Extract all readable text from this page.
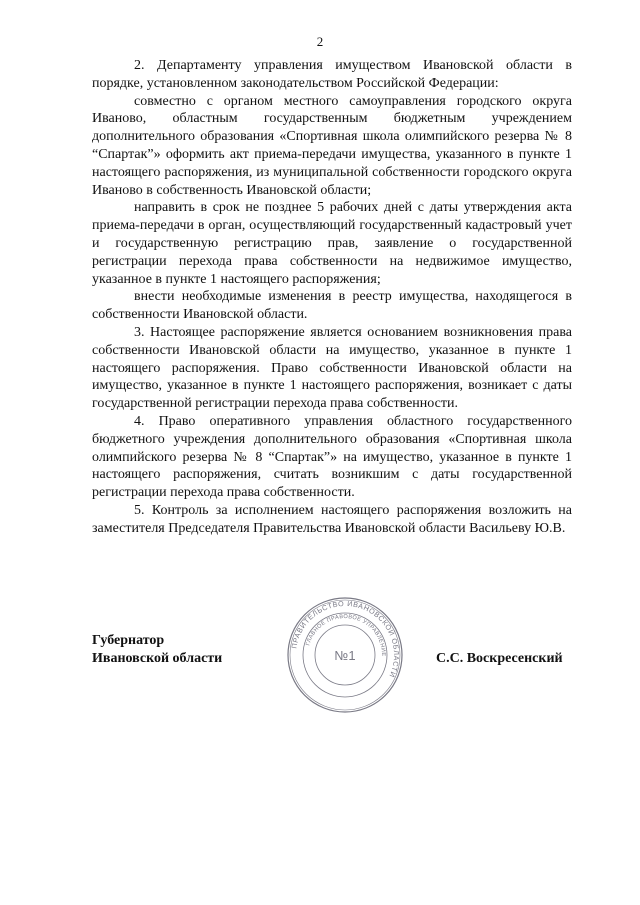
2

2. Департаменту управления имуществом Ивановской области в порядке, установленном законодательством Российской Федерации:

совместно с органом местного самоуправления городского округа Иваново, областным государственным бюджетным учреждением дополнительного образования «Спортивная школа олимпийского резерва № 8 “Спартак”» оформить акт приема-передачи имущества, указанного в пункте 1 настоящего распоряжения, из муниципальной собственности городского округа Иваново в собственность Ивановской области;

направить в срок не позднее 5 рабочих дней с даты утверждения акта приема-передачи в орган, осуществляющий государственный кадастровый учет и государственную регистрацию прав, заявление о государственной регистрации перехода права собственности на недвижимое имущество, указанное в пункте 1 настоящего распоряжения;

внести необходимые изменения в реестр имущества, находящегося в собственности Ивановской области.

3. Настоящее распоряжение является основанием возникновения права собственности Ивановской области на имущество, указанное в пункте 1 настоящего распоряжения. Право собственности Ивановской области на имущество, указанное в пункте 1 настоящего распоряжения, возникает с даты государственной регистрации перехода права собственности.

4. Право оперативного управления областного государственного бюджетного учреждения дополнительного образования «Спортивная школа олимпийского резерва № 8 “Спартак”» на имущество, указанное в пункте 1 настоящего распоряжения, считать возникшим с даты государственной регистрации перехода права собственности.

5. Контроль за исполнением настоящего распоряжения возложить на заместителя Председателя Правительства Ивановской области Васильеву Ю.В.

Губернатор
Ивановской области	С.С. Воскресенский
ПРАВИТЕЛЬСТВО ИВАНОВСКОЙ ОБЛАСТИ
ГЛАВНОЕ ПРАВОВОЕ УПРАВЛЕНИЕ
№1
